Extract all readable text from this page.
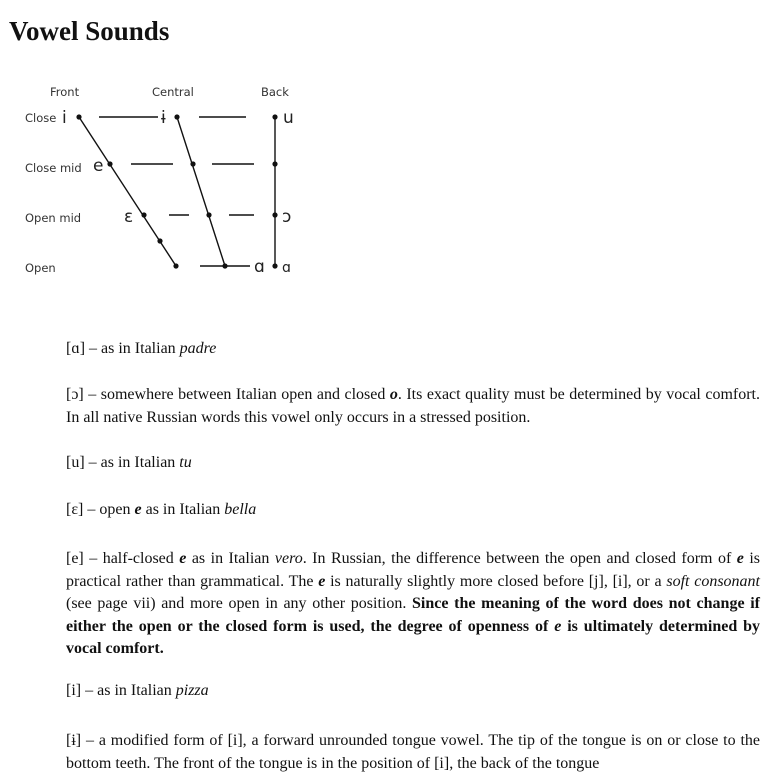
Vowel Sounds
Front	Central	Back
Close
Close mid
Open mid
Open
i	ɨ	u
e
ɛ	ɔ
ɑ ɑ

[ɑ] – as in Italian padre

[ɔ] – somewhere between Italian open and closed o. Its exact quality must be determined by vocal comfort. In all native Russian words this vowel only occurs in a stressed position.

[u] – as in Italian tu

[ɛ] – open e as in Italian bella

[e] – half-closed e as in Italian vero. In Russian, the difference between the open and closed form of e is practical rather than grammatical. The e is naturally slightly more closed before [j], [i], or a soft consonant (see page vii) and more open in any other position. Since the meaning of the word does not change if either the open or the closed form is used, the degree of openness of e is ultimately determined by vocal comfort.

[i] – as in Italian pizza

[ɨ] – a modified form of [i], a forward unrounded tongue vowel. The tip of the tongue is on or close to the bottom teeth. The front of the tongue is in the position of [i], the back of the tongue
